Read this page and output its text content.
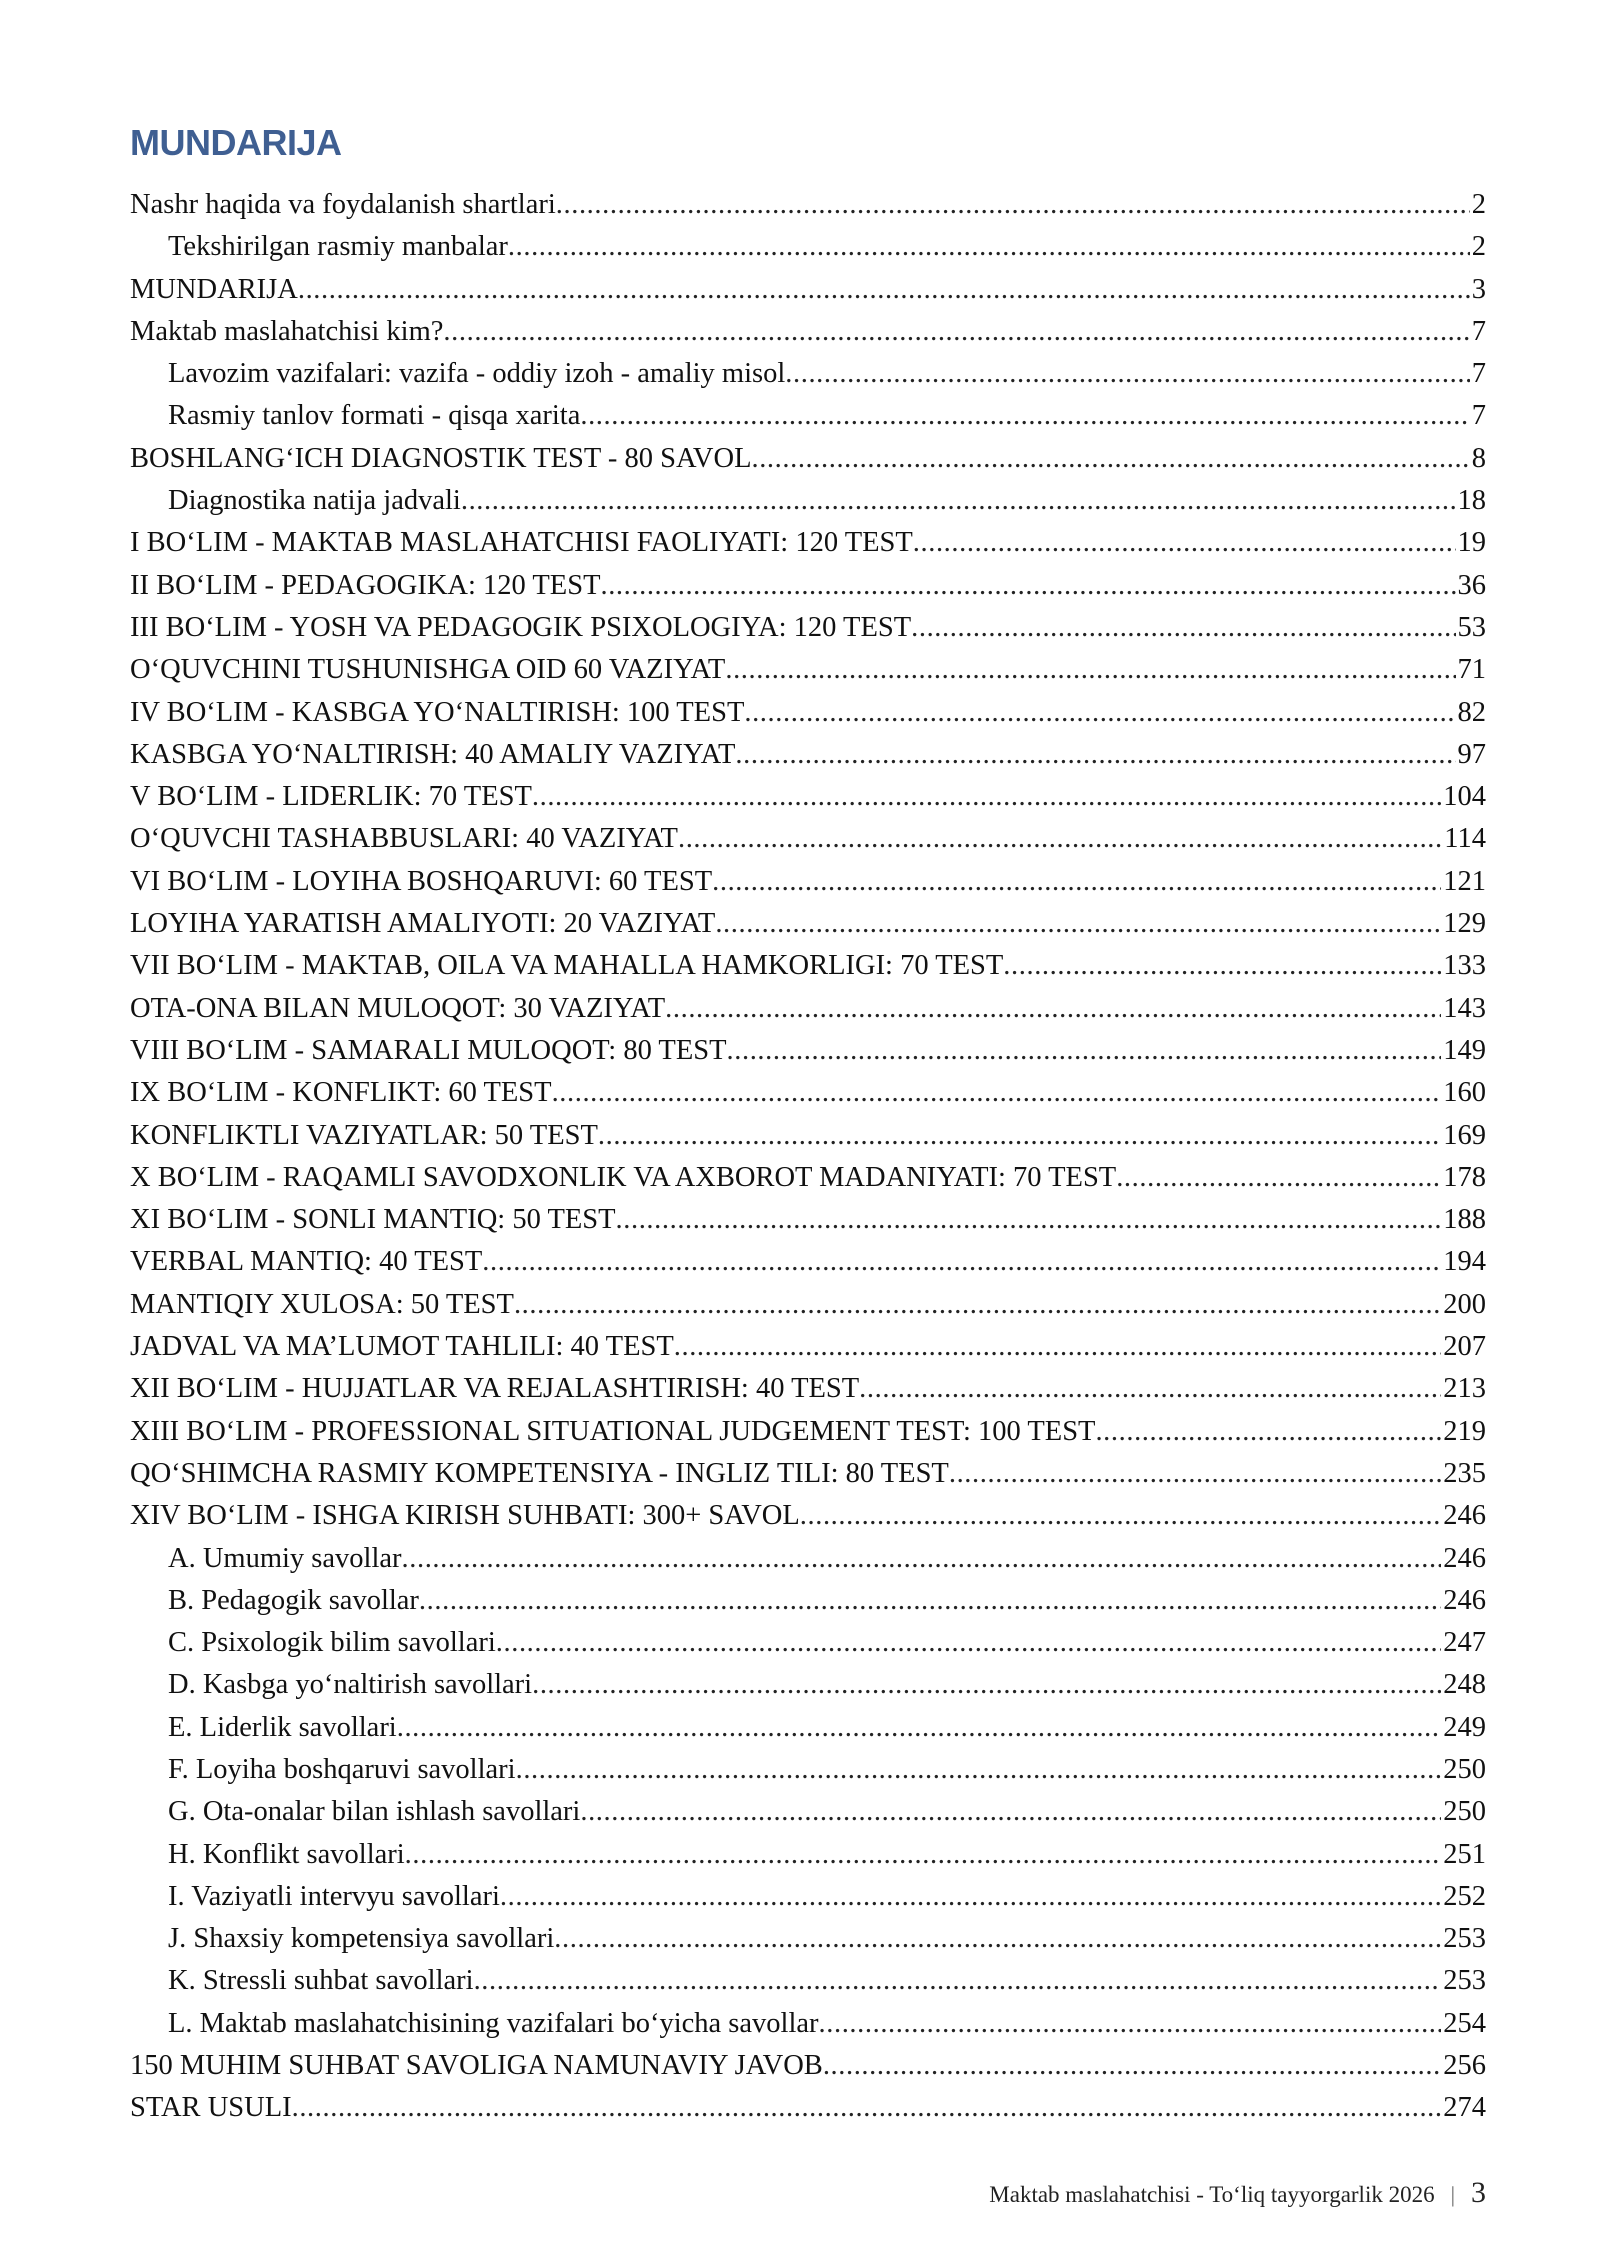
MUNDARIJA
Nashr haqida va foydalanish shartlari .....	2
Tekshirilgan rasmiy manbalar .....	2
MUNDARIJA .....	3
Maktab maslahatchisi kim? .....	7
Lavozim vazifalari: vazifa - oddiy izoh - amaliy misol .....	7
Rasmiy tanlov formati - qisqa xarita .....	7
BOSHLANG‘ICH DIAGNOSTIK TEST - 80 SAVOL .....	8
Diagnostika natija jadvali .....	18
I BO‘LIM - MAKTAB MASLAHATCHISI FAOLIYATI: 120 TEST .....	19
II BO‘LIM - PEDAGOGIKA: 120 TEST .....	36
III BO‘LIM - YOSH VA PEDAGOGIK PSIXOLOGIYA: 120 TEST .....	53
O‘QUVCHINI TUSHUNISHGA OID 60 VAZIYAT .....	71
IV BO‘LIM - KASBGA YO‘NALTIRISH: 100 TEST .....	82
KASBGA YO‘NALTIRISH: 40 AMALIY VAZIYAT .....	97
V BO‘LIM - LIDERLIK: 70 TEST .....	104
O‘QUVCHI TASHABBUSLARI: 40 VAZIYAT .....	114
VI BO‘LIM - LOYIHA BOSHQARUVI: 60 TEST .....	121
LOYIHA YARATISH AMALIYOTI: 20 VAZIYAT .....	129
VII BO‘LIM - MAKTAB, OILA VA MAHALLA HAMKORLIGI: 70 TEST .....	133
OTA-ONA BILAN MULOQOT: 30 VAZIYAT .....	143
VIII BO‘LIM - SAMARALI MULOQOT: 80 TEST .....	149
IX BO‘LIM - KONFLIKT: 60 TEST .....	160
KONFLIKTLI VAZIYATLAR: 50 TEST .....	169
X BO‘LIM - RAQAMLI SAVODXONLIK VA AXBOROT MADANIYATI: 70 TEST .....	178
XI BO‘LIM - SONLI MANTIQ: 50 TEST .....	188
VERBAL MANTIQ: 40 TEST .....	194
MANTIQIY XULOSA: 50 TEST .....	200
JADVAL VA MA’LUMOT TAHLILI: 40 TEST .....	207
XII BO‘LIM - HUJJATLAR VA REJALASHTIRISH: 40 TEST .....	213
XIII BO‘LIM - PROFESSIONAL SITUATIONAL JUDGEMENT TEST: 100 TEST .....	219
QO‘SHIMCHA RASMIY KOMPETENSIYA - INGLIZ TILI: 80 TEST .....	235
XIV BO‘LIM - ISHGA KIRISH SUHBATI: 300+ SAVOL .....	246
A. Umumiy savollar .....	246
B. Pedagogik savollar .....	246
C. Psixologik bilim savollari .....	247
D. Kasbga yo‘naltirish savollari .....	248
E. Liderlik savollari .....	249
F. Loyiha boshqaruvi savollari .....	250
G. Ota-onalar bilan ishlash savollari .....	250
H. Konflikt savollari .....	251
I. Vaziyatli intervyu savollari .....	252
J. Shaxsiy kompetensiya savollari .....	253
K. Stressli suhbat savollari .....	253
L. Maktab maslahatchisining vazifalari bo‘yicha savollar .....	254
150 MUHIM SUHBAT SAVOLIGA NAMUNAVIY JAVOB .....	256
STAR USULI .....	274
Maktab maslahatchisi - To‘liq tayyorgarlik 2026 | 3
